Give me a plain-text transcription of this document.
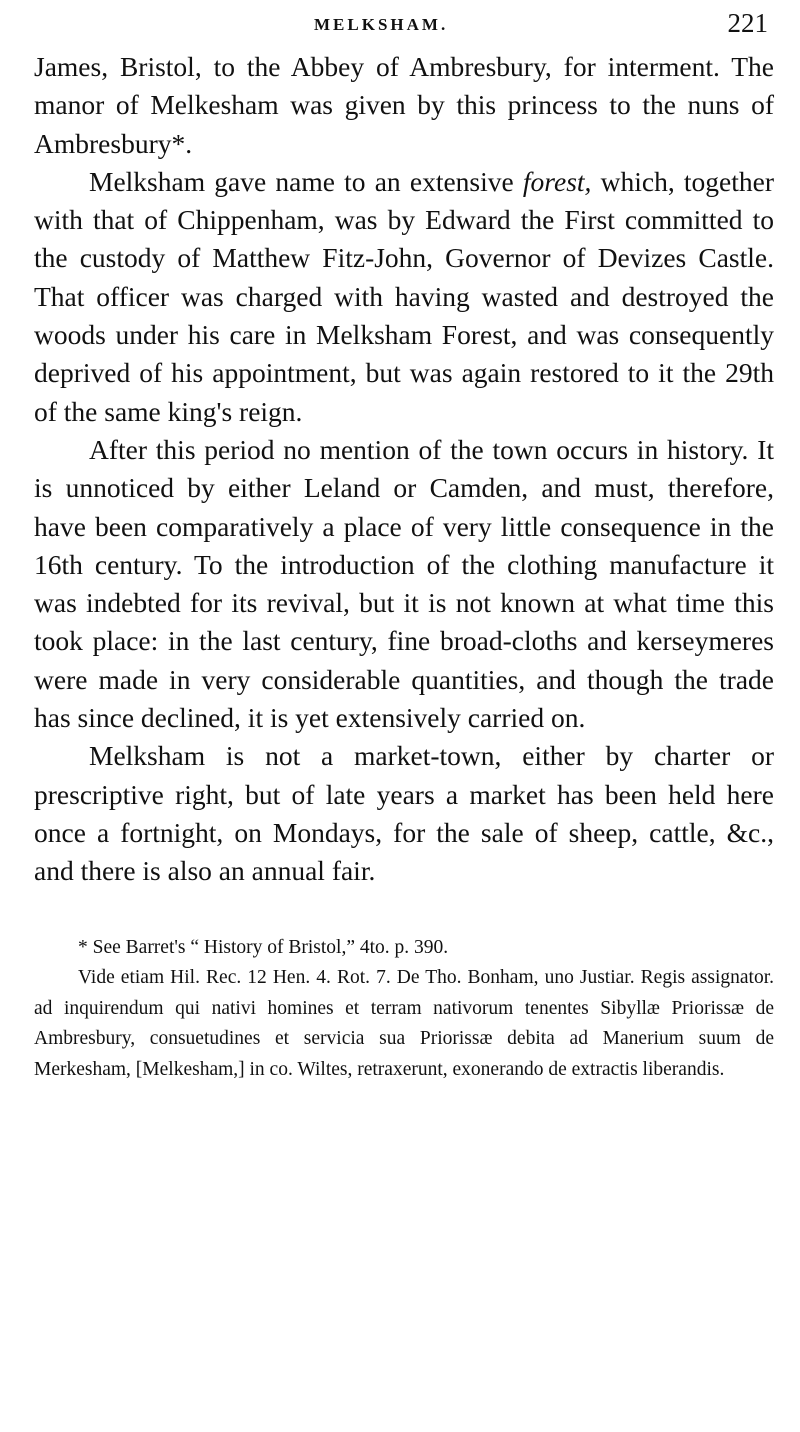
MELKSHAM.	221

James, Bristol, to the Abbey of Ambresbury, for interment. The manor of Melkesham was given by this princess to the nuns of Ambresbury*.

Melksham gave name to an extensive forest, which, together with that of Chippenham, was by Edward the First committed to the custody of Matthew Fitz-John, Governor of Devizes Castle. That officer was charged with having wasted and destroyed the woods under his care in Melksham Forest, and was consequently deprived of his appointment, but was again restored to it the 29th of the same king's reign.

After this period no mention of the town occurs in history. It is unnoticed by either Leland or Camden, and must, therefore, have been comparatively a place of very little consequence in the 16th century. To the introduction of the clothing manufacture it was indebted for its revival, but it is not known at what time this took place: in the last century, fine broad-cloths and kerseymeres were made in very considerable quantities, and though the trade has since declined, it is yet extensively carried on.

Melksham is not a market-town, either by charter or prescriptive right, but of late years a market has been held here once a fortnight, on Mondays, for the sale of sheep, cattle, &c., and there is also an annual fair.

* See Barret's “ History of Bristol,” 4to. p. 390.

Vide etiam Hil. Rec. 12 Hen. 4. Rot. 7. De Tho. Bonham, uno Justiar. Regis assignator. ad inquirendum qui nativi homines et terram nativorum tenentes Sibyllæ Priorissæ de Ambresbury, consuetudines et servicia sua Priorissæ debita ad Manerium suum de Merkesham, [Melkesham,] in co. Wiltes, retraxerunt, exonerando de extractis liberandis.
